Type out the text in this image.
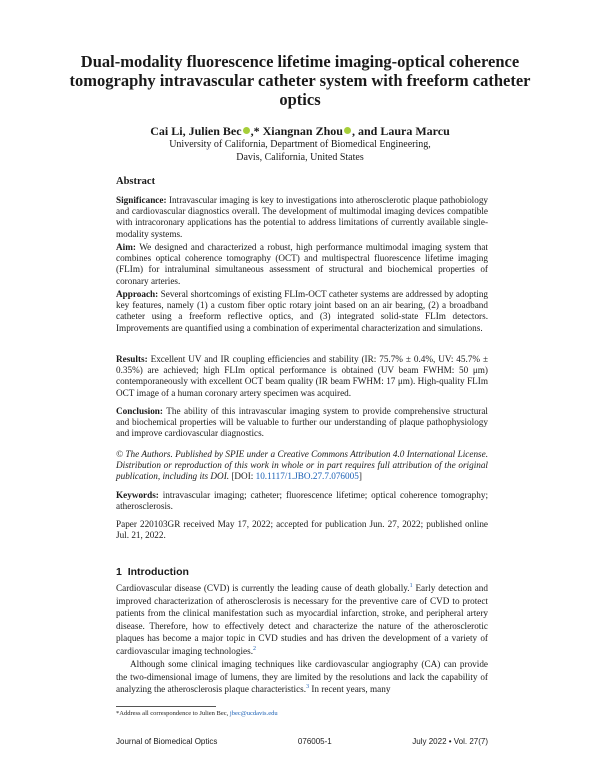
Dual-modality fluorescence lifetime imaging-optical coherence tomography intravascular catheter system with freeform catheter optics
Cai Li, Julien Bec ,* Xiangnan Zhou , and Laura Marcu
University of California, Department of Biomedical Engineering,
Davis, California, United States
Abstract

Significance: Intravascular imaging is key to investigations into atherosclerotic plaque pathobiology and cardiovascular diagnostics overall. The development of multimodal imaging devices compatible with intracoronary applications has the potential to address limitations of currently available single-modality systems.

Aim: We designed and characterized a robust, high performance multimodal imaging system that combines optical coherence tomography (OCT) and multispectral fluorescence lifetime imaging (FLIm) for intraluminal simultaneous assessment of structural and biochemical properties of coronary arteries.

Approach: Several shortcomings of existing FLIm-OCT catheter systems are addressed by adopting key features, namely (1) a custom fiber optic rotary joint based on an air bearing, (2) a broadband catheter using a freeform reflective optics, and (3) integrated solid-state FLIm detectors. Improvements are quantified using a combination of experimental characterization and simulations.

Results: Excellent UV and IR coupling efficiencies and stability (IR: 75.7% ± 0.4%, UV: 45.7% ± 0.35%) are achieved; high FLIm optical performance is obtained (UV beam FWHM: 50 μm) contemporaneously with excellent OCT beam quality (IR beam FWHM: 17 μm). High-quality FLIm OCT image of a human coronary artery specimen was acquired.

Conclusion: The ability of this intravascular imaging system to provide comprehensive structural and biochemical properties will be valuable to further our understanding of plaque pathophysiology and improve cardiovascular diagnostics.

© The Authors. Published by SPIE under a Creative Commons Attribution 4.0 International License. Distribution or reproduction of this work in whole or in part requires full attribution of the original publication, including its DOI. [DOI: 10.1117/1.JBO.27.7.076005]

Keywords: intravascular imaging; catheter; fluorescence lifetime; optical coherence tomography; atherosclerosis.

Paper 220103GR received May 17, 2022; accepted for publication Jun. 27, 2022; published online Jul. 21, 2022.

1 Introduction

Cardiovascular disease (CVD) is currently the leading cause of death globally.$^1$ Early detection and improved characterization of atherosclerosis is necessary for the preventive care of CVD to protect patients from the clinical manifestation such as myocardial infarction, stroke, and peripheral artery disease. Therefore, how to effectively detect and characterize the nature of the atherosclerotic plaques has become a major topic in CVD studies and has driven the development of a variety of cardiovascular imaging technologies.$^2$

Although some clinical imaging techniques like cardiovascular angiography (CA) can provide the two-dimensional image of lumens, they are limited by the resolutions and lack the capability of analyzing the atherosclerosis plaque characteristics.$^3$ In recent years, many

*Address all correspondence to Julien Bec, jbec@ucdavis.edu
Journal of Biomedical Optics	076005-1	July 2022 • Vol. 27(7)
